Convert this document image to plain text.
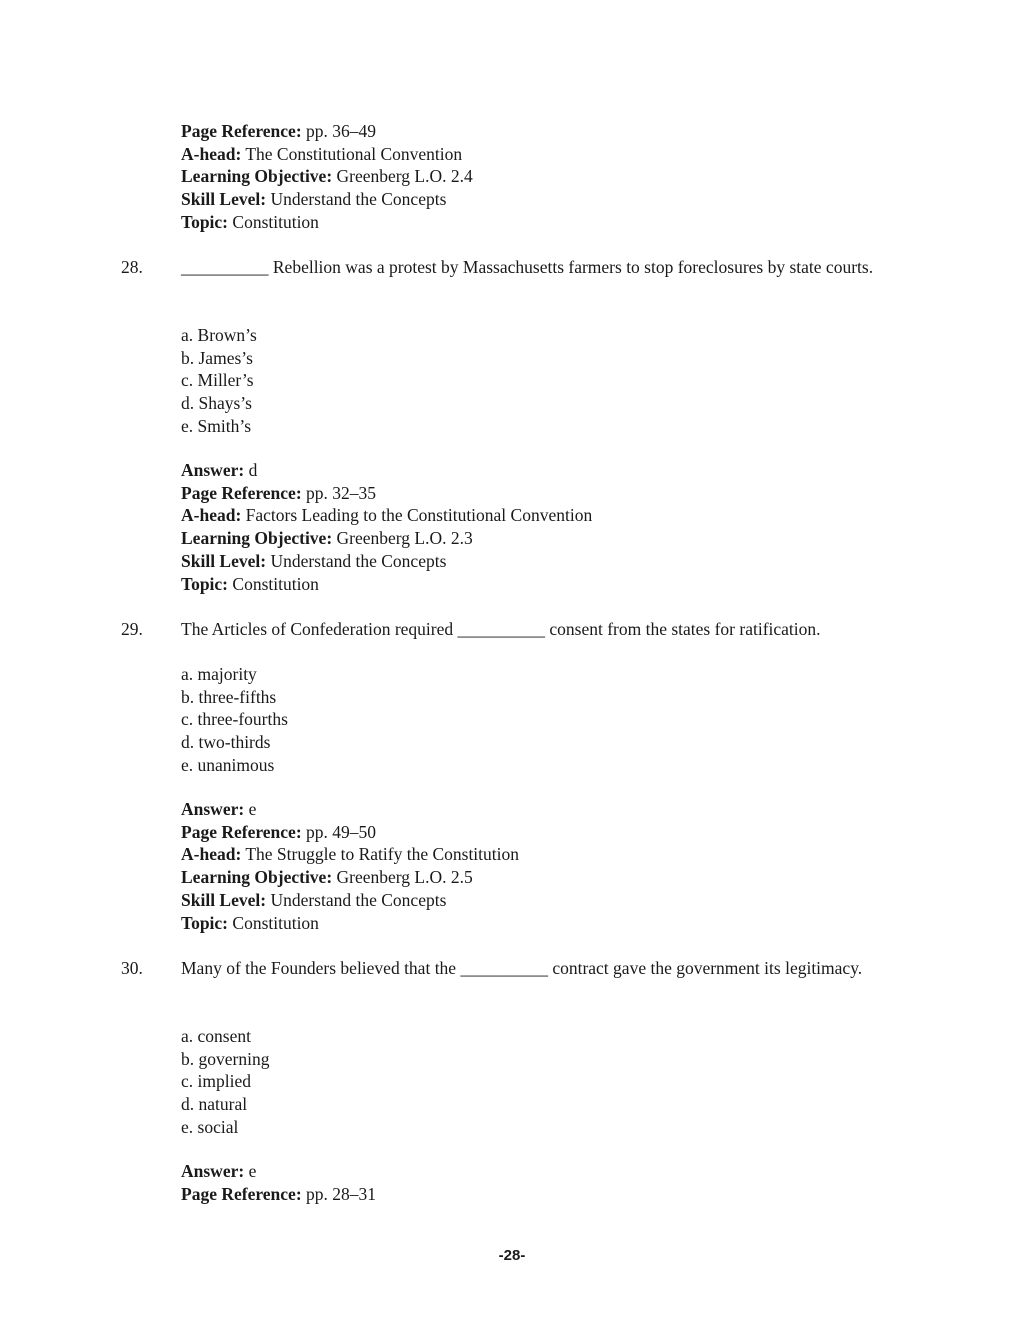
Page Reference: pp. 36–49
A-head: The Constitutional Convention
Learning Objective: Greenberg L.O. 2.4
Skill Level: Understand the Concepts
Topic: Constitution
28. __________ Rebellion was a protest by Massachusetts farmers to stop foreclosures by state courts.
a. Brown’s
b. James’s
c. Miller’s
d. Shays’s
e. Smith’s
Answer: d
Page Reference: pp. 32–35
A-head: Factors Leading to the Constitutional Convention
Learning Objective: Greenberg L.O. 2.3
Skill Level: Understand the Concepts
Topic: Constitution
29. The Articles of Confederation required __________ consent from the states for ratification.
a. majority
b. three-fifths
c. three-fourths
d. two-thirds
e. unanimous
Answer: e
Page Reference: pp. 49–50
A-head: The Struggle to Ratify the Constitution
Learning Objective: Greenberg L.O. 2.5
Skill Level: Understand the Concepts
Topic: Constitution
30. Many of the Founders believed that the __________ contract gave the government its legitimacy.
a. consent
b. governing
c. implied
d. natural
e. social
Answer: e
Page Reference: pp. 28–31
-28-
